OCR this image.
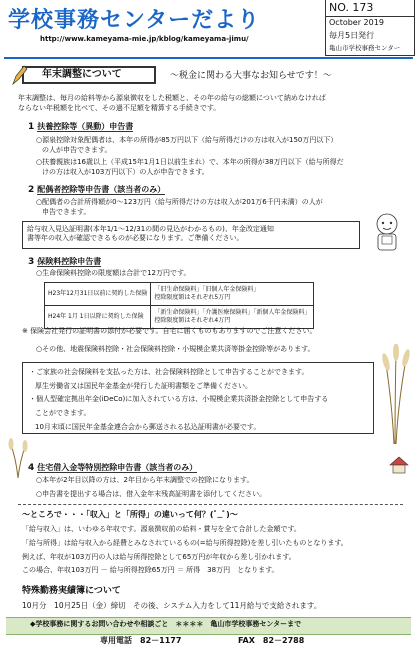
学校事務センターだより
http://www.kameyama-mie.jp/kblog/kameyama-jimu/
NO. 173
October 2019
毎月5日発行
亀山市学校事務センター
年末調整について	～税金に関わる大事なお知らせです！～
年末調整は、毎月の給料等から源泉徴収をした税額と、その年の給与の総額について納めなければ
ならない年税額を比べて、その過不足額を精算する手続きです。
1 扶養控除等（異動）申告書
○源泉控除対象配偶者は、本年の所得が85万円以下（給与所得だけの方は収入が150万円以下）
の人が申告できます。
○扶養親族は16歳以上（平成15年1月1日以前生まれ）で、本年の所得が38万円以下（給与所得だ
けの方は収入が103万円以下）の人が申告できます。
2 配偶者控除等申告書（該当者のみ）
○配偶者の合計所得額が0～123万円（給与所得だけの方は収入が201万6千円未満）の人が
申告できます。
給与収入見込証明書(本年1/1～12/31の間の見込がわかるもの)、年金改定通知
書等年の収入が確認できるものが必要になります。ご準備ください。
3 保険料控除申告書
○生命保険料控除の限度額は合計で12万円です。
H23年12月31日以前に契約した保険	「旧生命保険料」「旧個人年金保険料」
控除限度額はそれぞれ5万円

H24年 1月 1日以降に契約した保険	「新生命保険料」「介護医療保険料」「新個人年金保険料」
控除限度額はそれぞれ4万円
※ 保険会社発行の証明書の添付が必要です。自宅に届くものもありますのでご注意ください。
○その他、地震保険料控除・社会保険料控除・小規模企業共済等掛金控除等があります。
・ご家族の社会保険料を支払った方は、社会保険料控除として申告することができます。
厚生労働省又は国民年金基金が発行した証明書類をご準備ください。
・個人型確定拠出年金(iDeCo)に加入されている方は、小規模企業共済掛金控除として申告する
ことができます。
10月末頃に国民年金基金連合会から郵送される払込証明書が必要です。
4 住宅借入金等特別控除申告書（該当者のみ）
○本年が2年目以降の方は、2年目から年末調整での控除になります。
○申告書を提出する場合は、借入金年末残高証明書を添付してください。
～ところで・・・「収入」と「所得」の違いって何？(ﾟ_ﾟ)～
「給与収入」は、いわゆる年収です。源泉徴収前の給料・賞与を全て合計した金額です。
「給与所得」は給与収入から経費とみなされているもの(=給与所得控除)を差し引いたものとなります。
例えば、年収が103万円の人は給与所得控除として65万円が年収から差し引かれます。
この場合、年収103万円 － 給与所得控除65万円 ＝ 所得　38万円　となります。
特殊勤務実績簿について
10月分　10月25日（金）締切　その後、システム入力をして11月給与で支給されます。
◆学校事務に関するお問い合わせや相談ごと　＊＊＊＊　亀山市学校事務センターまで
専用電話　82－1177	FAX　82－2788
